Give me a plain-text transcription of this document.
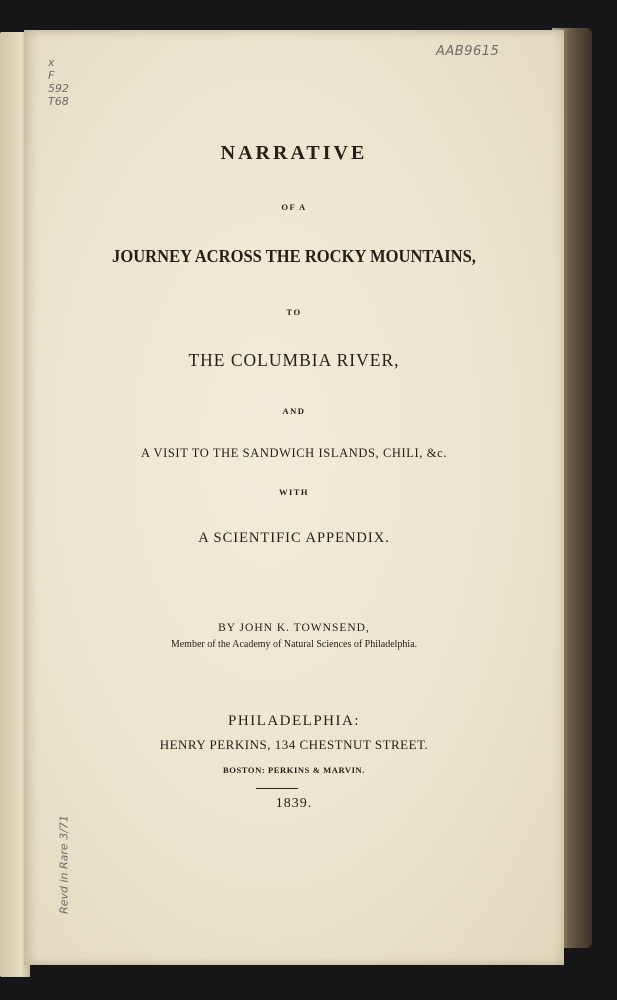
x
F
592
T68
AAB9615
Revd in Rare 3/71
NARRATIVE
OF A
JOURNEY ACROSS THE ROCKY MOUNTAINS,
TO
THE COLUMBIA RIVER,
AND
A VISIT TO THE SANDWICH ISLANDS, CHILI, &c.
WITH
A SCIENTIFIC APPENDIX.
BY JOHN K. TOWNSEND,
Member of the Academy of Natural Sciences of Philadelphia.
PHILADELPHIA:
HENRY PERKINS, 134 CHESTNUT STREET.
BOSTON: PERKINS & MARVIN.
1839.
